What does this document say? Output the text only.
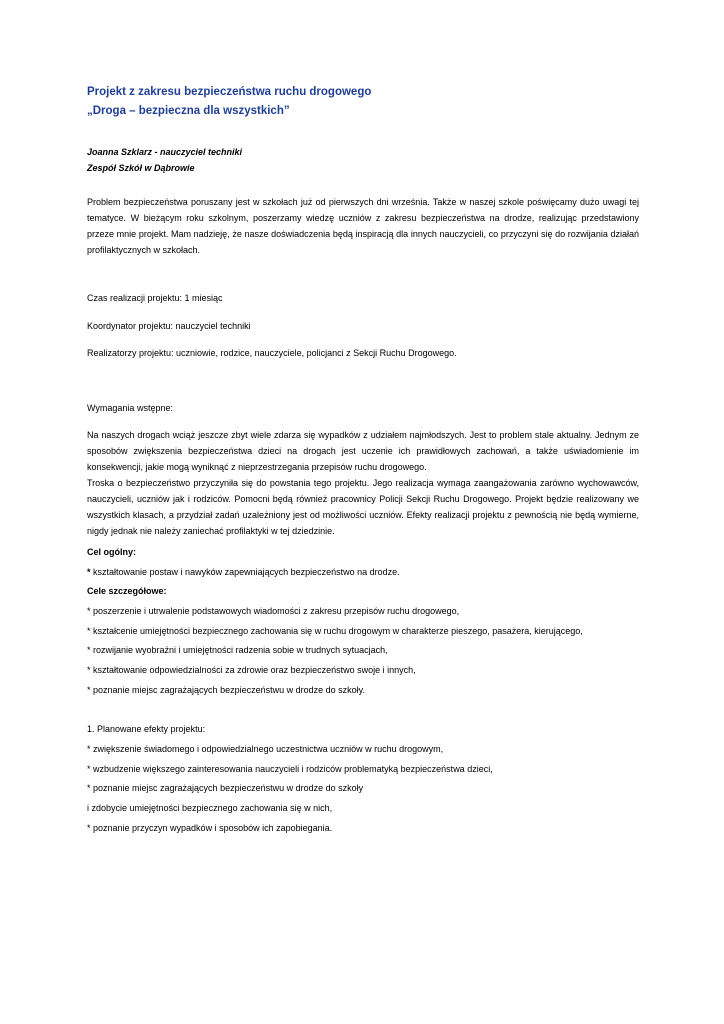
Projekt z zakresu bezpieczeństwa ruchu drogowego
„Droga – bezpieczna dla wszystkich”
Joanna Szklarz - nauczyciel techniki
Zespół Szkół w Dąbrowie

Problem bezpieczeństwa poruszany jest w szkołach już od pierwszych dni września. Także w naszej szkole poświęcamy dużo uwagi tej tematyce. W bieżącym roku szkolnym, poszerzamy wiedzę uczniów z zakresu bezpieczeństwa na drodze, realizując przedstawiony przeze mnie projekt. Mam nadzieję, że nasze doświadczenia będą inspiracją dla innych nauczycieli, co przyczyni się do rozwijania działań profilaktycznych w szkołach.

Czas realizacji projektu: 1 miesiąc

Koordynator projektu: nauczyciel techniki

Realizatorzy projektu: uczniowie, rodzice, nauczyciele, policjanci z Sekcji Ruchu Drogowego.

Wymagania wstępne:

Na naszych drogach wciąż jeszcze zbyt wiele zdarza się wypadków z udziałem najmłodszych. Jest to problem stale aktualny. Jednym ze sposobów zwiększenia bezpieczeństwa dzieci na drogach jest uczenie ich prawidłowych zachowań, a także uświadomienie im konsekwencji, jakie mogą wyniknąć z nieprzestrzegania przepisów ruchu drogowego.

Troska o bezpieczeństwo przyczyniła się do powstania tego projektu. Jego realizacja wymaga zaangażowania zarówno wychowawców, nauczycieli, uczniów jak i rodziców. Pomocni będą również pracownicy Policji Sekcji Ruchu Drogowego. Projekt będzie realizowany we wszystkich klasach, a przydział zadań uzależniony jest od możliwości uczniów. Efekty realizacji projektu z pewnością nie będą wymierne, nigdy jednak nie należy zaniechać profilaktyki w tej dziedzinie.

Cel ogólny:

* kształtowanie postaw i nawyków zapewniających bezpieczeństwo na drodze.

Cele szczegółowe:

* poszerzenie i utrwalenie podstawowych wiadomości z zakresu przepisów ruchu drogowego,

* kształcenie umiejętności bezpiecznego zachowania się w ruchu drogowym w charakterze pieszego, pasażera, kierującego,

* rozwijanie wyobraźni i umiejętności radzenia sobie w trudnych sytuacjach,

* kształtowanie odpowiedzialności za zdrowie oraz bezpieczeństwo swoje i innych,

* poznanie miejsc zagrażających bezpieczeństwu w drodze do szkoły.

1. Planowane efekty projektu:

* zwiększenie świadomego i odpowiedzialnego uczestnictwa uczniów w ruchu drogowym,

* wzbudzenie większego zainteresowania nauczycieli i rodziców problematyką bezpieczeństwa dzieci,

* poznanie miejsc zagrażających bezpieczeństwu w drodze do szkoły

i zdobycie umiejętności bezpiecznego zachowania się w nich,

* poznanie przyczyn wypadków i sposobów ich zapobiegania.
